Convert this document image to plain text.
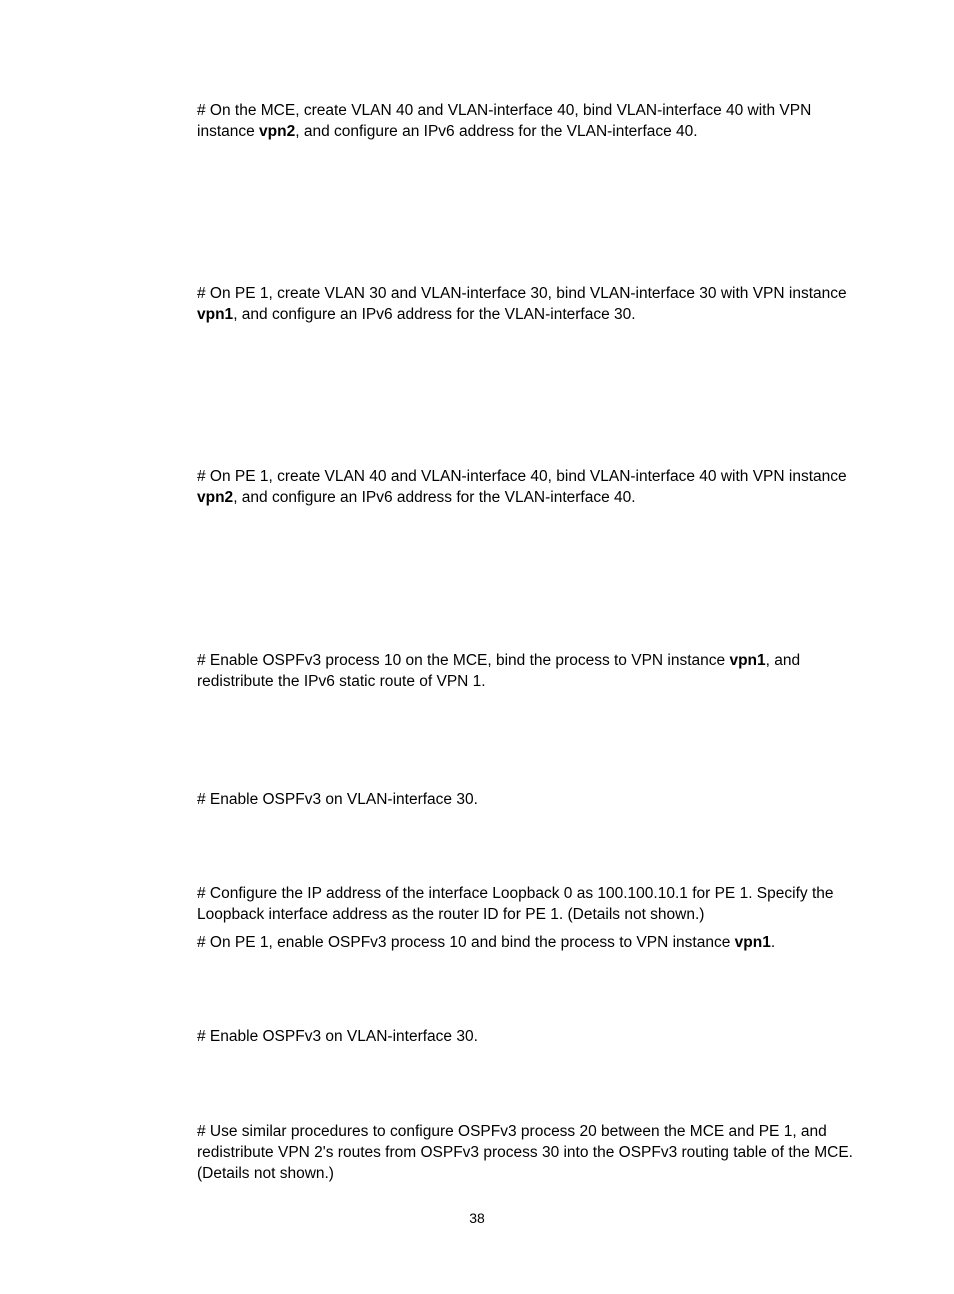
# On the MCE, create VLAN 40 and VLAN-interface 40, bind VLAN-interface 40 with VPN instance vpn2, and configure an IPv6 address for the VLAN-interface 40.

# On PE 1, create VLAN 30 and VLAN-interface 30, bind VLAN-interface 30 with VPN instance vpn1, and configure an IPv6 address for the VLAN-interface 30.

# On PE 1, create VLAN 40 and VLAN-interface 40, bind VLAN-interface 40 with VPN instance vpn2, and configure an IPv6 address for the VLAN-interface 40.

# Enable OSPFv3 process 10 on the MCE, bind the process to VPN instance vpn1, and redistribute the IPv6 static route of VPN 1.

# Enable OSPFv3 on VLAN-interface 30.

# Configure the IP address of the interface Loopback 0 as 100.100.10.1 for PE 1. Specify the Loopback interface address as the router ID for PE 1. (Details not shown.)

# On PE 1, enable OSPFv3 process 10 and bind the process to VPN instance vpn1.

# Enable OSPFv3 on VLAN-interface 30.

# Use similar procedures to configure OSPFv3 process 20 between the MCE and PE 1, and redistribute VPN 2's routes from OSPFv3 process 30 into the OSPFv3 routing table of the MCE. (Details not shown.)

38
